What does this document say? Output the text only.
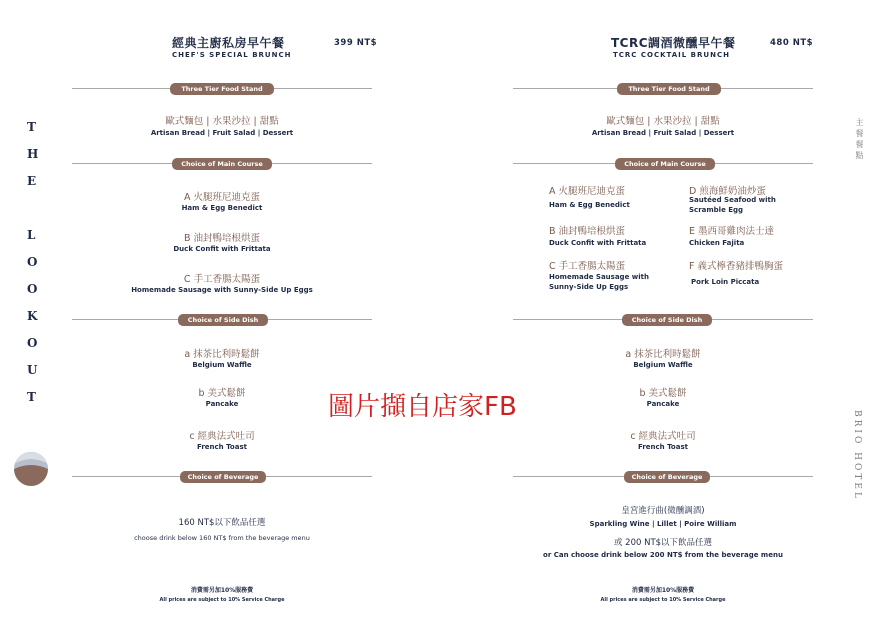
T
H
E
L
O
O
K
O
U
T
主餐餐點
BRIO HOTEL
經典主廚私房早午餐
CHEF'S SPECIAL BRUNCH
399 NT$
Three Tier Food Stand
歐式麵包 | 水果沙拉 | 甜點
Artisan Bread | Fruit Salad | Dessert
Choice of Main Course
A 火腿班尼迪克蛋
Ham & Egg Benedict
B 油封鴨培根烘蛋
Duck Confit with Frittata
C 手工香腸太陽蛋
Homemade Sausage with Sunny-Side Up Eggs
Choice of Side Dish
a 抹茶比利時鬆餅
Belgium Waffle
b 美式鬆餅
Pancake
c 經典法式吐司
French Toast
Choice of Beverage
160 NT$以下飲品任選
choose drink below 160 NT$ from the beverage menu
消費需另加10%服務費
All prices are subject to 10% Service Charge
TCRC調酒微醺早午餐
TCRC COCKTAIL BRUNCH
480 NT$
Three Tier Food Stand
歐式麵包 | 水果沙拉 | 甜點
Artisan Bread | Fruit Salad | Dessert
Choice of Main Course
A 火腿班尼迪克蛋
Ham & Egg Benedict
B 油封鴨培根烘蛋
Duck Confit with Frittata
C 手工香腸太陽蛋
Homemade Sausage with
Sunny-Side Up Eggs
D 煎海鮮奶油炒蛋
Sautéed Seafood with
Scramble Egg
E 墨西哥雞肉法士達
Chicken Fajita
F 義式檸香豬排鴨胸蛋
Pork Loin Piccata
Choice of Side Dish
a 抹茶比利時鬆餅
Belgium Waffle
b 美式鬆餅
Pancake
c 經典法式吐司
French Toast
Choice of Beverage
皇宮進行曲(微醺調酒)
Sparkling Wine | Lillet | Poire William
或 200 NT$以下飲品任選
or Can choose drink below 200 NT$ from the beverage menu
消費需另加10%服務費
All prices are subject to 10% Service Charge
圖片擷自店家FB
